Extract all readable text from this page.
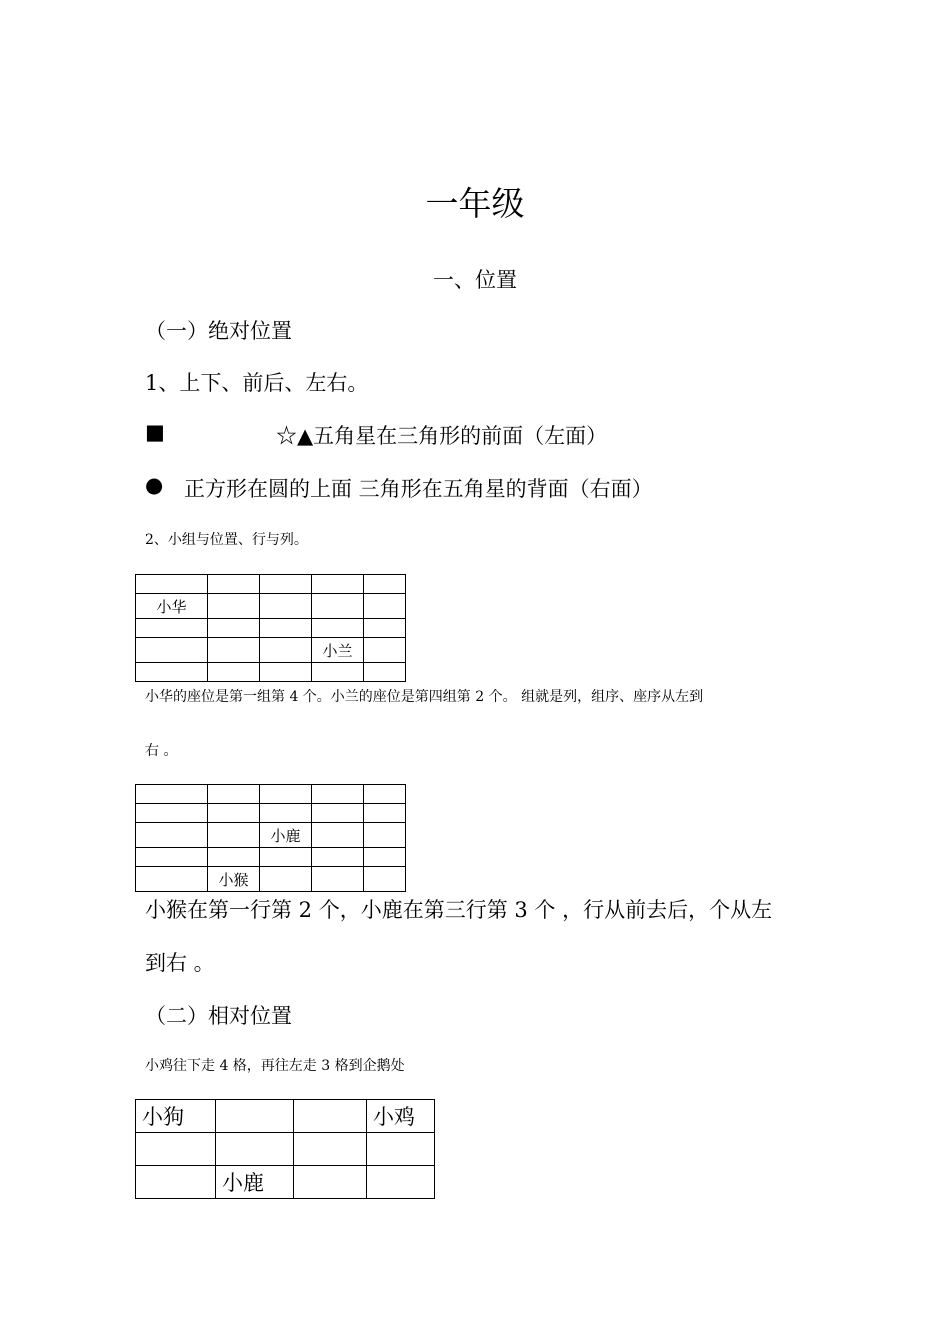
一年级
一、位置
（一）绝对位置
1、上下、前后、左右。
■	☆▲五角星在三角形的前面（左面）
● 正方形在圆的上面 三角形在五角星的背面（右面）
2、小组与位置、行与列。

小华				

			小兰	

小华的座位是第一组第 4 个。小兰的座位是第四组第 2 个。 组就是列，组序、座序从左到
右 。

		小鹿		

	小猴			
小猴在第一行第 2 个，小鹿在第三行第 3 个 ，行从前去后，个从左
到右 。
（二）相对位置
小鸡往下走 4 格，再往左走 3 格到企鹅处
小狗			小鸡

	小鹿		
